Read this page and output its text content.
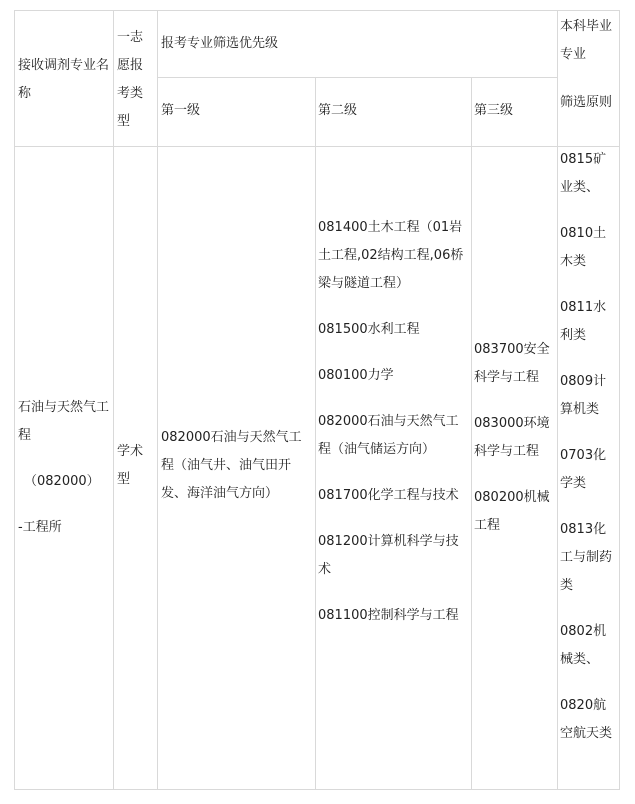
接收调剂专业名称

一志愿报考类型

报考专业筛选优先级

第一级	第二级	第三级

本科毕业专业

筛选原则

石油与天然气工程

（082000）

-工程所

学术型

082000石油与天然气工程（油气井、油气田开发、海洋油气方向）

081400土木工程（01岩土工程,02结构工程,06桥梁与隧道工程）

081500水利工程

080100力学

082000石油与天然气工程（油气储运方向）

081700化学工程与技术

081200计算机科学与技术

081100控制科学与工程

083700安全科学与工程

083000环境科学与工程

080200机械工程

0815矿业类、

0810土木类

0811水利类

0809计算机类

0703化学类

0813化工与制药类

0802机械类、

0820航空航天类
